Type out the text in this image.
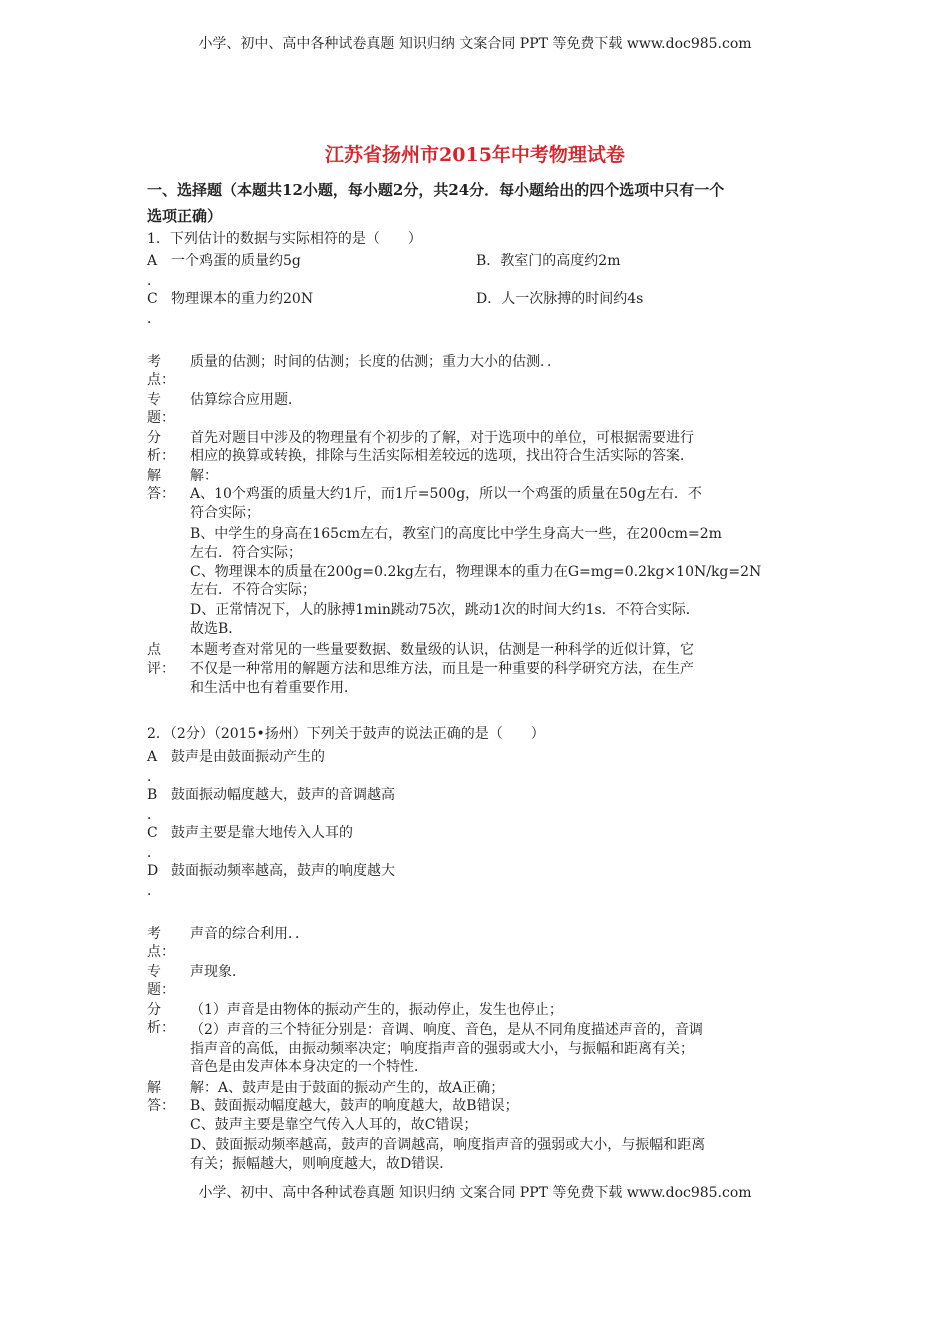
小学、初中、高中各种试卷真题 知识归纳 文案合同 PPT 等免费下载 www.doc985.com
江苏省扬州市2015年中考物理试卷
一、选择题（本题共12小题，每小题2分，共24分．每小题给出的四个选项中只有一个
选项正确）
1．下列估计的数据与实际相符的是（　　）
A 一个鸡蛋的质量约5g	B．教室门的高度约2m
．
C 物理课本的重力约20N	D．人一次脉搏的时间约4s
．
考
点：
质量的估测；时间的估测；长度的估测；重力大小的估测．．
专
题：
估算综合应用题．
分
析：
首先对题目中涉及的物理量有个初步的了解，对于选项中的单位，可根据需要进行
相应的换算或转换，排除与生活实际相差较远的选项，找出符合生活实际的答案．
解
答：
解：
A、10个鸡蛋的质量大约1斤，而1斤=500g，所以一个鸡蛋的质量在50g左右．不
符合实际；
B、中学生的身高在165cm左右，教室门的高度比中学生身高大一些，在200cm=2m
左右．符合实际；
C、物理课本的质量在200g=0.2kg左右，物理课本的重力在G=mg=0.2kg×10N/kg=2N
左右．不符合实际；
D、正常情况下，人的脉搏1min跳动75次，跳动1次的时间大约1s．不符合实际．
故选B．
点
评：
本题考查对常见的一些量要数据、数量级的认识，估测是一种科学的近似计算，它
不仅是一种常用的解题方法和思维方法，而且是一种重要的科学研究方法，在生产
和生活中也有着重要作用．
2．（2分）（2015•扬州）下列关于鼓声的说法正确的是（　　）
A 鼓声是由鼓面振动产生的
．
B 鼓面振动幅度越大，鼓声的音调越高
．
C 鼓声主要是靠大地传入人耳的
．
D 鼓面振动频率越高，鼓声的响度越大
．
考
点：
声音的综合利用．．
专
题：
声现象．
分
析：
（1）声音是由物体的振动产生的，振动停止，发生也停止；
（2）声音的三个特征分别是：音调、响度、音色，是从不同角度描述声音的，音调
指声音的高低，由振动频率决定；响度指声音的强弱或大小，与振幅和距离有关；
音色是由发声体本身决定的一个特性．
解
答：
解：A、鼓声是由于鼓面的振动产生的，故A正确；
B、鼓面振动幅度越大，鼓声的响度越大，故B错误；
C、鼓声主要是靠空气传入人耳的，故C错误；
D、鼓面振动频率越高，鼓声的音调越高，响度指声音的强弱或大小，与振幅和距离
有关；振幅越大，则响度越大，故D错误．
小学、初中、高中各种试卷真题 知识归纳 文案合同 PPT 等免费下载 www.doc985.com
